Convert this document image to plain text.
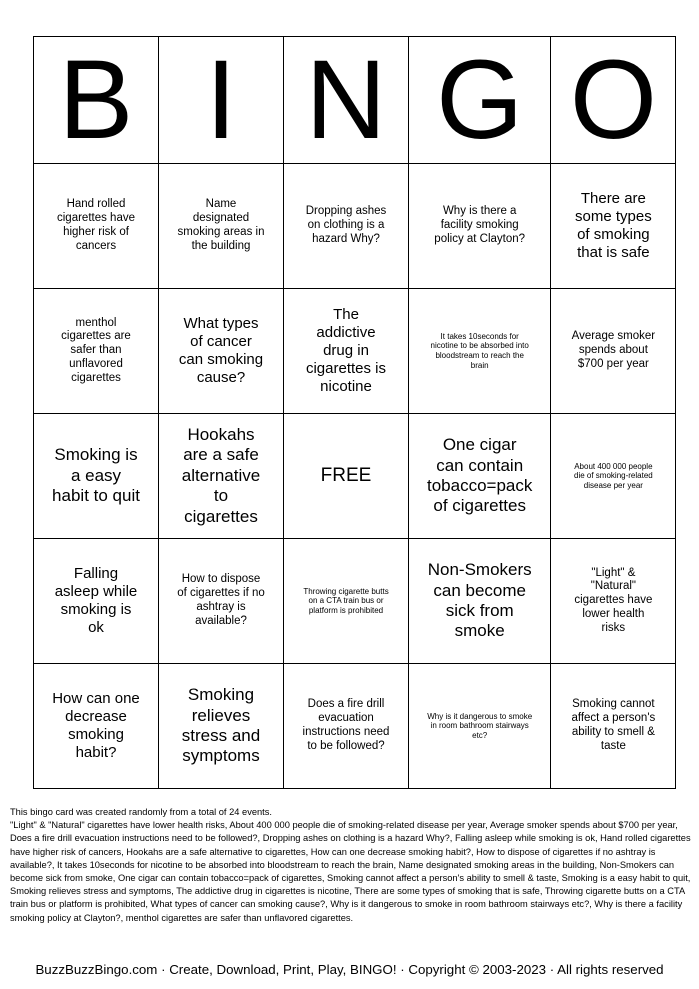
B	I	N	G	O
Hand rolled cigarettes have higher risk of cancers	Name designated smoking areas in the building	Dropping ashes on clothing is a hazard Why?	Why is there a facility smoking policy at Clayton?	There are some types of smoking that is safe
menthol cigarettes are safer than unflavored cigarettes	What types of cancer can smoking cause?	The addictive drug in cigarettes is nicotine	It takes 10seconds for nicotine to be absorbed into bloodstream to reach the brain	Average smoker spends about $700 per year
Smoking is a easy habit to quit	Hookahs are a safe alternative to cigarettes	FREE	One cigar can contain tobacco=pack of cigarettes	About 400 000 people die of smoking-related disease per year
Falling asleep while smoking is ok	How to dispose of cigarettes if no ashtray is available?	Throwing cigarette butts on a CTA train bus or platform is prohibited	Non-Smokers can become sick from smoke	"Light" & "Natural" cigarettes have lower health risks
How can one decrease smoking habit?	Smoking relieves stress and symptoms	Does a fire drill evacuation instructions need to be followed?	Why is it dangerous to smoke in room bathroom stairways etc?	Smoking cannot affect a person's ability to smell & taste

This bingo card was created randomly from a total of 24 events.

"Light" & "Natural" cigarettes have lower health risks, About 400 000 people die of smoking-related disease per year, Average smoker spends about $700 per year, Does a fire drill evacuation instructions need to be followed?, Dropping ashes on clothing is a hazard Why?, Falling asleep while smoking is ok, Hand rolled cigarettes have higher risk of cancers, Hookahs are a safe alternative to cigarettes, How can one decrease smoking habit?, How to dispose of cigarettes if no ashtray is available?, It takes 10seconds for nicotine to be absorbed into bloodstream to reach the brain, Name designated smoking areas in the building, Non-Smokers can become sick from smoke, One cigar can contain tobacco=pack of cigarettes, Smoking cannot affect a person's ability to smell & taste, Smoking is a easy habit to quit, Smoking relieves stress and symptoms, The addictive drug in cigarettes is nicotine, There are some types of smoking that is safe, Throwing cigarette butts on a CTA train bus or platform is prohibited, What types of cancer can smoking cause?, Why is it dangerous to smoke in room bathroom stairways etc?, Why is there a facility smoking policy at Clayton?, menthol cigarettes are safer than unflavored cigarettes.

BuzzBuzzBingo.com · Create, Download, Print, Play, BINGO! · Copyright © 2003-2023 · All rights reserved
